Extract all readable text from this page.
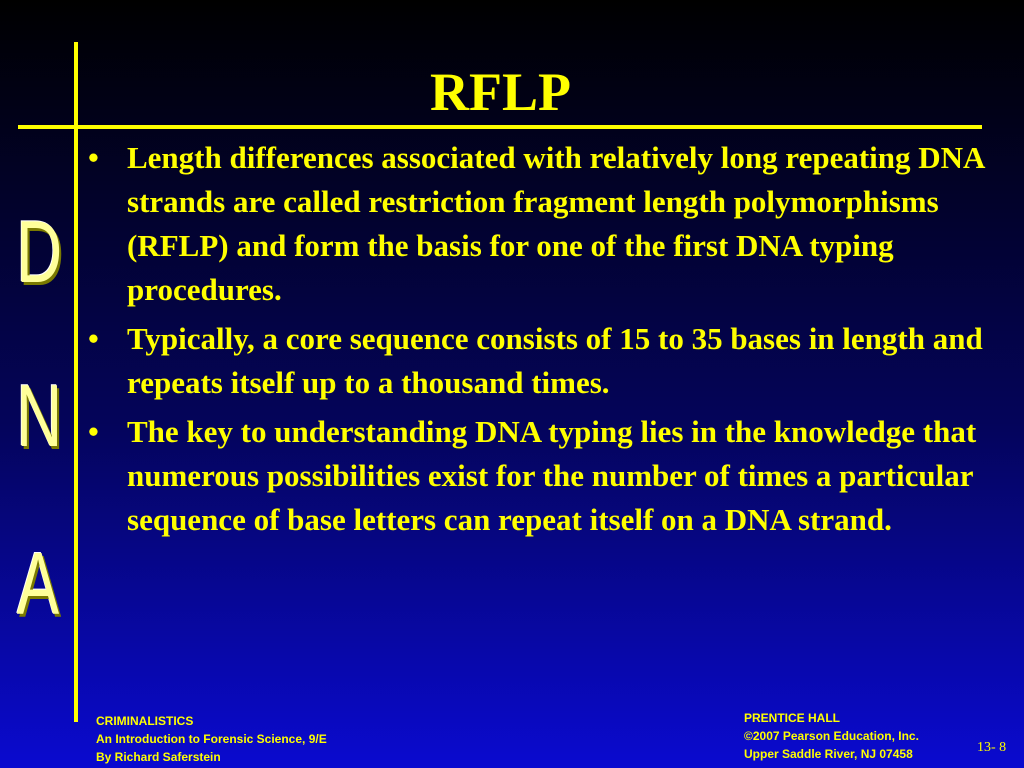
RFLP
D
N
A
• Length differences associated with relatively long repeating DNA strands are called restriction fragment length polymorphisms (RFLP) and form the basis for one of the first DNA typing procedures.
• Typically, a core sequence consists of 15 to 35 bases in length and repeats itself up to a thousand times.
• The key to understanding DNA typing lies in the knowledge that numerous possibilities exist for the number of times a particular sequence of base letters can repeat itself on a DNA strand.
CRIMINALISTICS
An Introduction to Forensic Science, 9/E
By Richard Saferstein
PRENTICE HALL
©2007 Pearson Education, Inc.
Upper Saddle River, NJ 07458	13- 8
